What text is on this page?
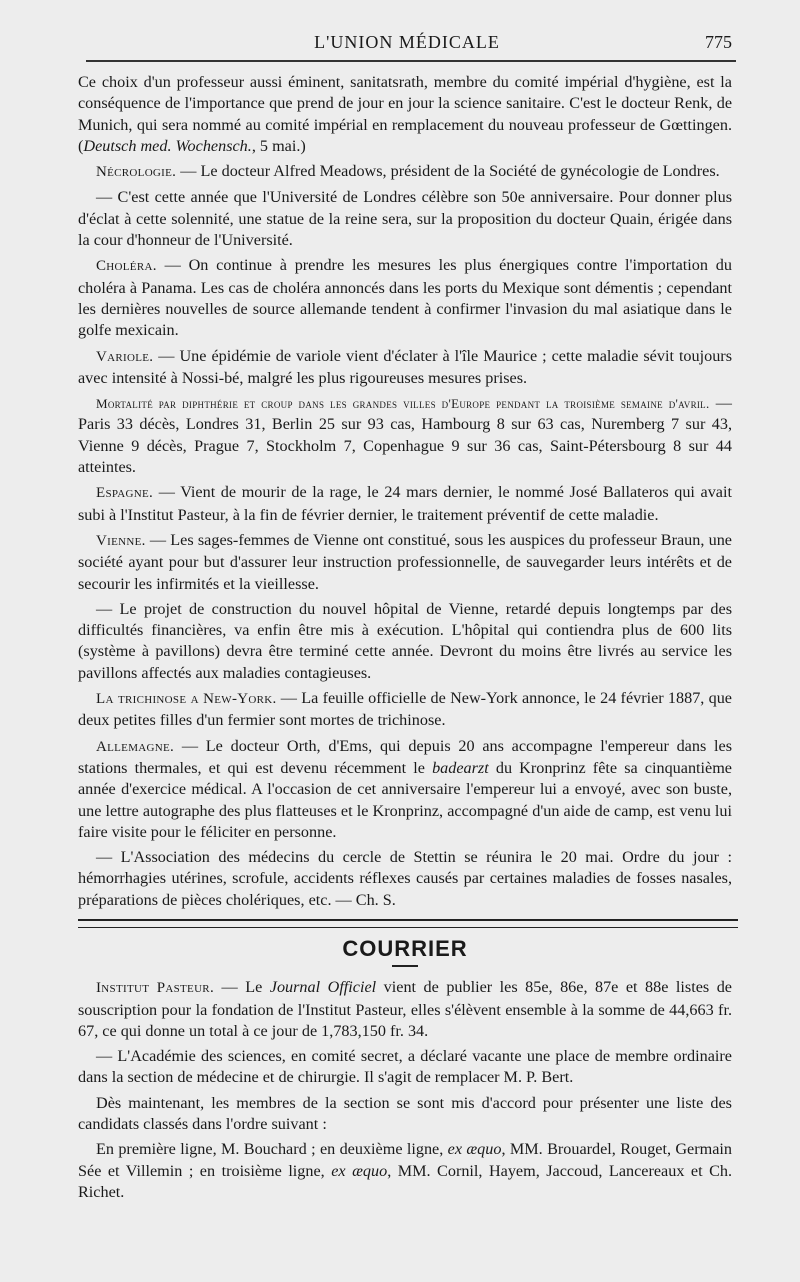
L'UNION MÉDICALE	775

Ce choix d'un professeur aussi éminent, sanitatsrath, membre du comité impérial d'hygiène, est la conséquence de l'importance que prend de jour en jour la science sanitaire. C'est le docteur Renk, de Munich, qui sera nommé au comité impérial en remplacement du nouveau professeur de Gœttingen. (Deutsch med. Wochensch., 5 mai.)

Nécrologie. — Le docteur Alfred Meadows, président de la Société de gynécologie de Londres.

— C'est cette année que l'Université de Londres célèbre son 50e anniversaire. Pour donner plus d'éclat à cette solennité, une statue de la reine sera, sur la proposition du docteur Quain, érigée dans la cour d'honneur de l'Université.

Choléra. — On continue à prendre les mesures les plus énergiques contre l'importation du choléra à Panama. Les cas de choléra annoncés dans les ports du Mexique sont démentis ; cependant les dernières nouvelles de source allemande tendent à confirmer l'invasion du mal asiatique dans le golfe mexicain.

Variole. — Une épidémie de variole vient d'éclater à l'île Maurice ; cette maladie sévit toujours avec intensité à Nossi-bé, malgré les plus rigoureuses mesures prises.

Mortalité par diphthérie et croup dans les grandes villes d'Europe pendant la troisième semaine d'avril. — Paris 33 décès, Londres 31, Berlin 25 sur 93 cas, Hambourg 8 sur 63 cas, Nuremberg 7 sur 43, Vienne 9 décès, Prague 7, Stockholm 7, Copenhague 9 sur 36 cas, Saint-Pétersbourg 8 sur 44 atteintes.

Espagne. — Vient de mourir de la rage, le 24 mars dernier, le nommé José Ballateros qui avait subi à l'Institut Pasteur, à la fin de février dernier, le traitement préventif de cette maladie.

Vienne. — Les sages-femmes de Vienne ont constitué, sous les auspices du professeur Braun, une société ayant pour but d'assurer leur instruction professionnelle, de sauvegarder leurs intérêts et de secourir les infirmités et la vieillesse.

— Le projet de construction du nouvel hôpital de Vienne, retardé depuis longtemps par des difficultés financières, va enfin être mis à exécution. L'hôpital qui contiendra plus de 600 lits (système à pavillons) devra être terminé cette année. Devront du moins être livrés au service les pavillons affectés aux maladies contagieuses.

La trichinose a New-York. — La feuille officielle de New-York annonce, le 24 février 1887, que deux petites filles d'un fermier sont mortes de trichinose.

Allemagne. — Le docteur Orth, d'Ems, qui depuis 20 ans accompagne l'empereur dans les stations thermales, et qui est devenu récemment le badearzt du Kronprinz fête sa cinquantième année d'exercice médical. A l'occasion de cet anniversaire l'empereur lui a envoyé, avec son buste, une lettre autographe des plus flatteuses et le Kronprinz, accompagné d'un aide de camp, est venu lui faire visite pour le féliciter en personne.

— L'Association des médecins du cercle de Stettin se réunira le 20 mai. Ordre du jour : hémorrhagies utérines, scrofule, accidents réflexes causés par certaines maladies de fosses nasales, préparations de pièces cholériques, etc. — Ch. S.

COURRIER

Institut Pasteur. — Le Journal Officiel vient de publier les 85e, 86e, 87e et 88e listes de souscription pour la fondation de l'Institut Pasteur, elles s'élèvent ensemble à la somme de 44,663 fr. 67, ce qui donne un total à ce jour de 1,783,150 fr. 34.

— L'Académie des sciences, en comité secret, a déclaré vacante une place de membre ordinaire dans la section de médecine et de chirurgie. Il s'agit de remplacer M. P. Bert.

Dès maintenant, les membres de la section se sont mis d'accord pour présenter une liste des candidats classés dans l'ordre suivant :

En première ligne, M. Bouchard ; en deuxième ligne, ex æquo, MM. Brouardel, Rouget, Germain Sée et Villemin ; en troisième ligne, ex æquo, MM. Cornil, Hayem, Jaccoud, Lancereaux et Ch. Richet.
